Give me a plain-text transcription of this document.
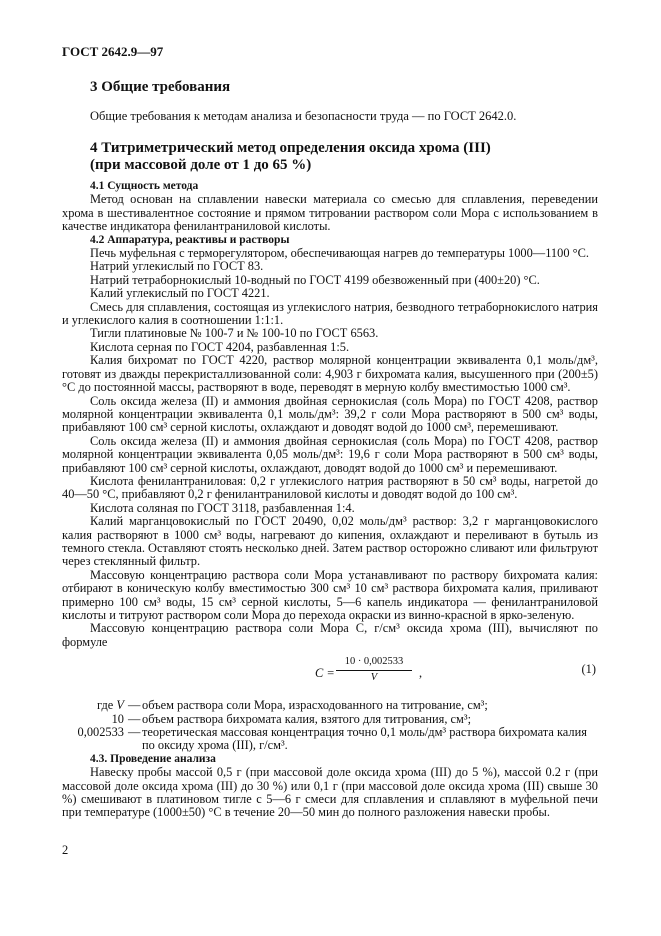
ГОСТ 2642.9—97
3 Общие требования
Общие требования к методам анализа и безопасности труда — по ГОСТ 2642.0.
4 Титриметрический метод определения оксида хрома (III)
(при массовой доле от 1 до 65 %)
4.1 Сущность метода

Метод основан на сплавлении навески материала со смесью для сплавления, переведении хрома в шестивалентное состояние и прямом титровании раствором соли Мора с использованием в качестве индикатора фенилантраниловой кислоты.

4.2 Аппаратура, реактивы и растворы

Печь муфельная с терморегулятором, обеспечивающая нагрев до температуры 1000—1100 °С.

Натрий углекислый по ГОСТ 83.

Натрий тетраборнокислый 10-водный по ГОСТ 4199 обезвоженный при (400±20) °С.

Калий углекислый по ГОСТ 4221.

Смесь для сплавления, состоящая из углекислого натрия, безводного тетраборнокислого натрия и углекислого калия в соотношении 1:1:1.

Тигли платиновые № 100-7 и № 100-10 по ГОСТ 6563.

Кислота серная по ГОСТ 4204, разбавленная 1:5.

Калия бихромат по ГОСТ 4220, раствор молярной концентрации эквивалента 0,1 моль/дм³, готовят из дважды перекристаллизованной соли: 4,903 г бихромата калия, высушенного при (200±5) °С до постоянной массы, растворяют в воде, переводят в мерную колбу вместимостью 1000 см³.

Соль оксида железа (II) и аммония двойная сернокислая (соль Мора) по ГОСТ 4208, раствор молярной концентрации эквивалента 0,1 моль/дм³: 39,2 г соли Мора растворяют в 500 см³ воды, прибавляют 100 см³ серной кислоты, охлаждают и доводят водой до 1000 см³, перемешивают.

Соль оксида железа (II) и аммония двойная сернокислая (соль Мора) по ГОСТ 4208, раствор молярной концентрации эквивалента 0,05 моль/дм³: 19,6 г соли Мора растворяют в 500 см³ воды, прибавляют 100 см³ серной кислоты, охлаждают, доводят водой до 1000 см³ и перемешивают.

Кислота фенилантраниловая: 0,2 г углекислого натрия растворяют в 50 см³ воды, нагретой до 40—50 °С, прибавляют 0,2 г фенилантраниловой кислоты и доводят водой до 100 см³.

Кислота соляная по ГОСТ 3118, разбавленная 1:4.

Калий марганцовокислый по ГОСТ 20490, 0,02 моль/дм³ раствор: 3,2 г марганцовокислого калия растворяют в 1000 см³ воды, нагревают до кипения, охлаждают и переливают в бутыль из темного стекла. Оставляют стоять несколько дней. Затем раствор осторожно сливают или фильтруют через стеклянный фильтр.

Массовую концентрацию раствора соли Мора устанавливают по раствору бихромата калия: отбирают в коническую колбу вместимостью 300 см³ 10 см³ раствора бихромата калия, приливают примерно 100 см³ воды, 15 см³ серной кислоты, 5—6 капель индикатора — фенилантраниловой кислоты и титруют раствором соли Мора до перехода окраски из винно-красной в ярко-зеленую.

Массовую концентрацию раствора соли Мора С, г/см³ оксида хрома (III), вычисляют по формуле

$С = \frac{10 \cdot 0,002533}{V}$ ,	(1)
где V — объем раствора соли Мора, израсходованного на титрование, см³;
10 — объем раствора бихромата калия, взятого для титрования, см³;
0,002533 — теоретическая массовая концентрация точно 0,1 моль/дм³ раствора бихромата калия по оксиду хрома (III), г/см³.
4.3. Проведение анализа

Навеску пробы массой 0,5 г (при массовой доле оксида хрома (III) до 5 %), массой 0.2 г (при массовой доле оксида хрома (III) до 30 %) или 0,1 г (при массовой доле оксида хрома (III) свыше 30 %) смешивают в платиновом тигле с 5—6 г смеси для сплавления и сплавляют в муфельной печи при температуре (1000±50) °С в течение 20—50 мин до полного разложения навески пробы.

2
